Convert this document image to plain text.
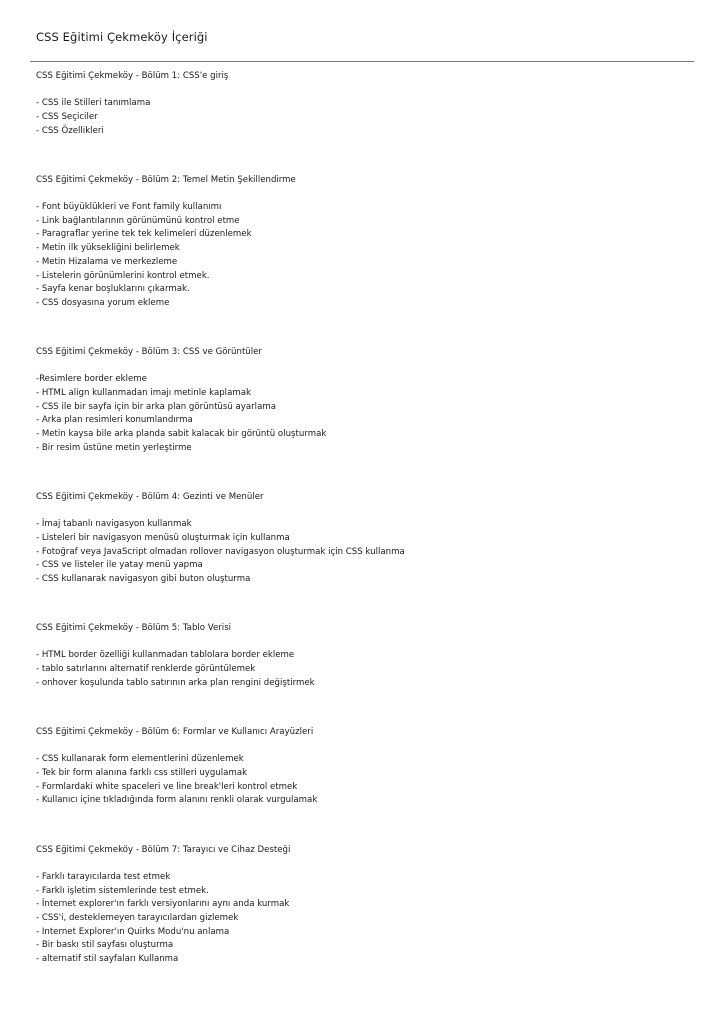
CSS Eğitimi Çekmeköy İçeriği
CSS Eğitimi Çekmeköy - Bölüm 1: CSS'e giriş
- CSS ile Stilleri tanımlama
- CSS Seçiciler
- CSS Özellikleri
CSS Eğitimi Çekmeköy - Bölüm 2: Temel Metin Şekillendirme
- Font büyüklükleri ve Font family kullanımı
- Link bağlantılarının görünümünü kontrol etme
- Paragraflar yerine tek tek kelimeleri düzenlemek
- Metin ilk yüksekliğini belirlemek
- Metin Hizalama ve merkezleme
- Listelerin görünümlerini kontrol etmek.
- Sayfa kenar boşluklarını çıkarmak.
- CSS dosyasına yorum ekleme
CSS Eğitimi Çekmeköy - Bölüm 3: CSS ve Görüntüler
-Resimlere border ekleme
- HTML align kullanmadan imajı metinle kaplamak
- CSS ile bir sayfa için bir arka plan görüntüsü ayarlama
- Arka plan resimleri konumlandırma
- Metin kaysa bile arka planda sabit kalacak bir görüntü oluşturmak
- Bir resim üstüne metin yerleştirme
CSS Eğitimi Çekmeköy - Bölüm 4: Gezinti ve Menüler
- İmaj tabanlı navigasyon kullanmak
- Listeleri bir navigasyon menüsü oluşturmak için kullanma
- Fotoğraf veya JavaScript olmadan rollover navigasyon oluşturmak için CSS kullanma
- CSS ve listeler ile yatay menü yapma
- CSS kullanarak navigasyon gibi buton oluşturma
CSS Eğitimi Çekmeköy - Bölüm 5: Tablo Verisi
- HTML border özelliği kullanmadan tablolara border ekleme
- tablo satırlarını alternatif renklerde görüntülemek
- onhover koşulunda tablo satırının arka plan rengini değiştirmek
CSS Eğitimi Çekmeköy - Bölüm 6: Formlar ve Kullanıcı Arayüzleri
- CSS kullanarak form elementlerini düzenlemek
- Tek bir form alanına farklı css stilleri uygulamak
- Formlardaki white spaceleri ve line break'leri kontrol etmek
- Kullanıcı içine tıkladığında form alanını renkli olarak vurgulamak
CSS Eğitimi Çekmeköy - Bölüm 7: Tarayıcı ve Cihaz Desteği
- Farklı tarayıcılarda test etmek
- Farklı işletim sistemlerinde test etmek.
- İnternet explorer'ın farklı versiyonlarını aynı anda kurmak
- CSS'i, desteklemeyen tarayıcılardan gizlemek
- Internet Explorer'ın Quirks Modu'nu anlama
- Bir baskı stil sayfası oluşturma
- alternatif stil sayfaları Kullanma
